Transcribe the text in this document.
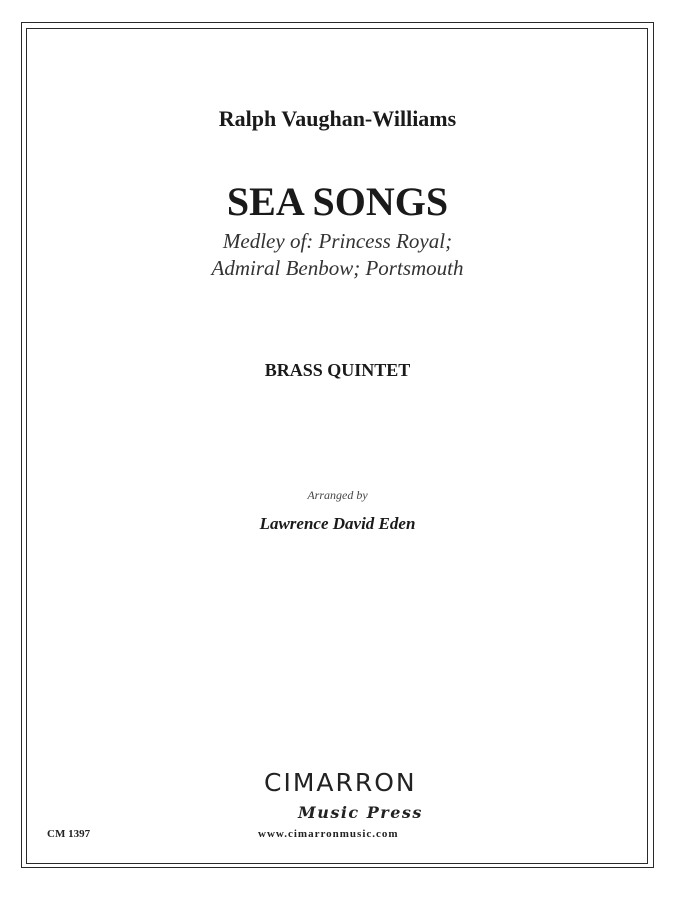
Ralph Vaughan-Williams
SEA SONGS
Medley of: Princess Royal;
Admiral Benbow; Portsmouth
BRASS QUINTET
Arranged by
Lawrence David Eden
CIMARRON
Music Press
www.cimarronmusic.com
CM 1397
